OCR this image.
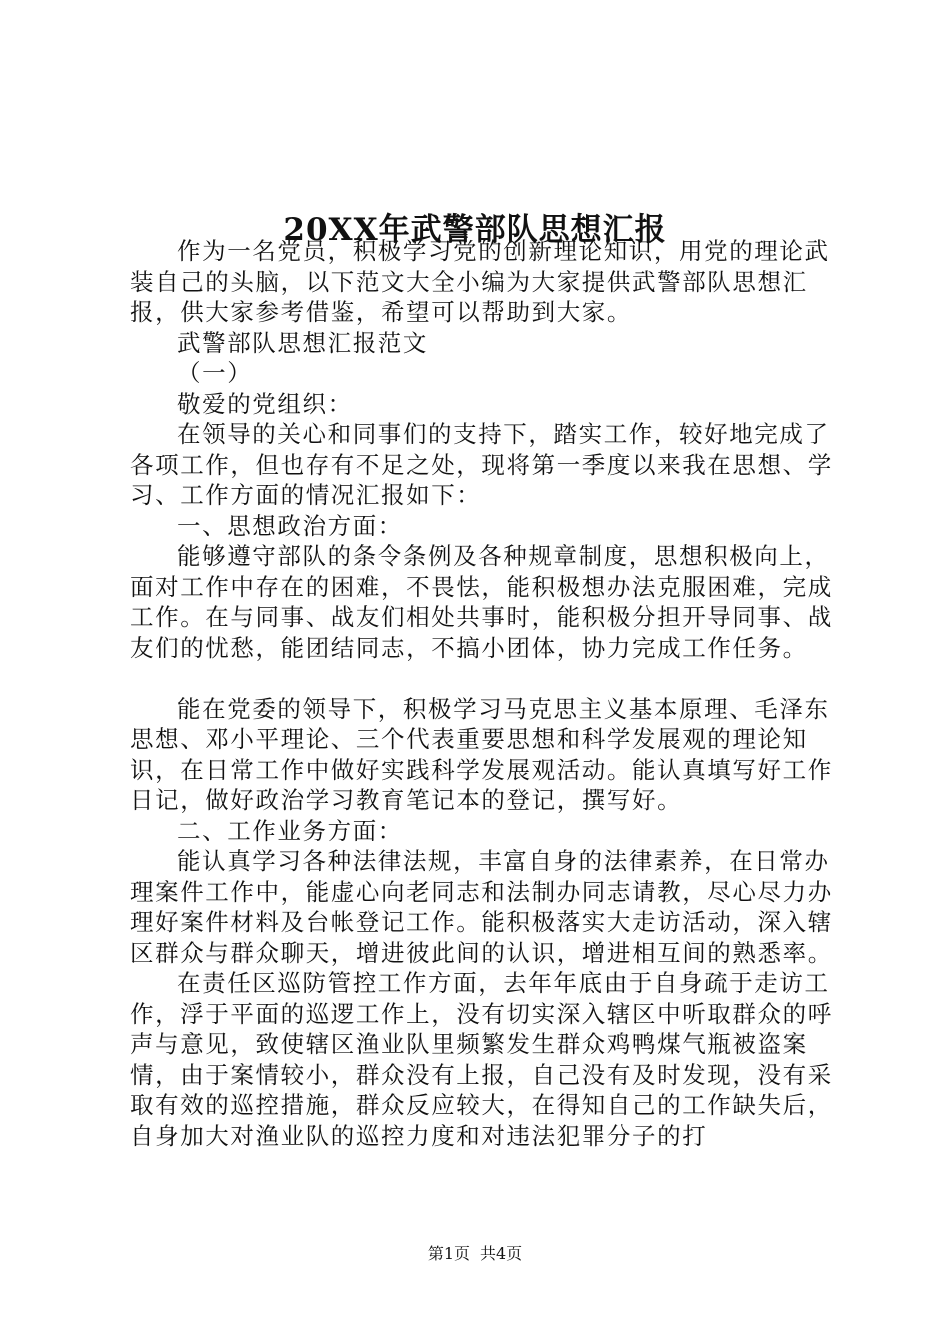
20XX年武警部队思想汇报

作为一名党员，积极学习党的创新理论知识，用党的理论武装自己的头脑，以下范文大全小编为大家提供武警部队思想汇报，供大家参考借鉴，希望可以帮助到大家。

武警部队思想汇报范文

（一）

敬爱的党组织：

在领导的关心和同事们的支持下，踏实工作，较好地完成了各项工作，但也存有不足之处，现将第一季度以来我在思想、学习、工作方面的情况汇报如下：

一、思想政治方面：

能够遵守部队的条令条例及各种规章制度，思想积极向上，面对工作中存在的困难，不畏怯，能积极想办法克服困难，完成工作。在与同事、战友们相处共事时，能积极分担开导同事、战友们的忧愁，能团结同志，不搞小团体，协力完成工作任务。

能在党委的领导下，积极学习马克思主义基本原理、毛泽东思想、邓小平理论、三个代表重要思想和科学发展观的理论知识，在日常工作中做好实践科学发展观活动。能认真填写好工作日记，做好政治学习教育笔记本的登记，撰写好。

二、工作业务方面：

能认真学习各种法律法规，丰富自身的法律素养，在日常办理案件工作中，能虚心向老同志和法制办同志请教，尽心尽力办理好案件材料及台帐登记工作。能积极落实大走访活动，深入辖区群众与群众聊天，增进彼此间的认识，增进相互间的熟悉率。

在责任区巡防管控工作方面，去年年底由于自身疏于走访工作，浮于平面的巡逻工作上，没有切实深入辖区中听取群众的呼声与意见，致使辖区渔业队里频繁发生群众鸡鸭煤气瓶被盗案情，由于案情较小，群众没有上报，自己没有及时发现，没有采取有效的巡控措施，群众反应较大，在得知自己的工作缺失后，自身加大对渔业队的巡控力度和对违法犯罪分子的打

第1页 共4页
